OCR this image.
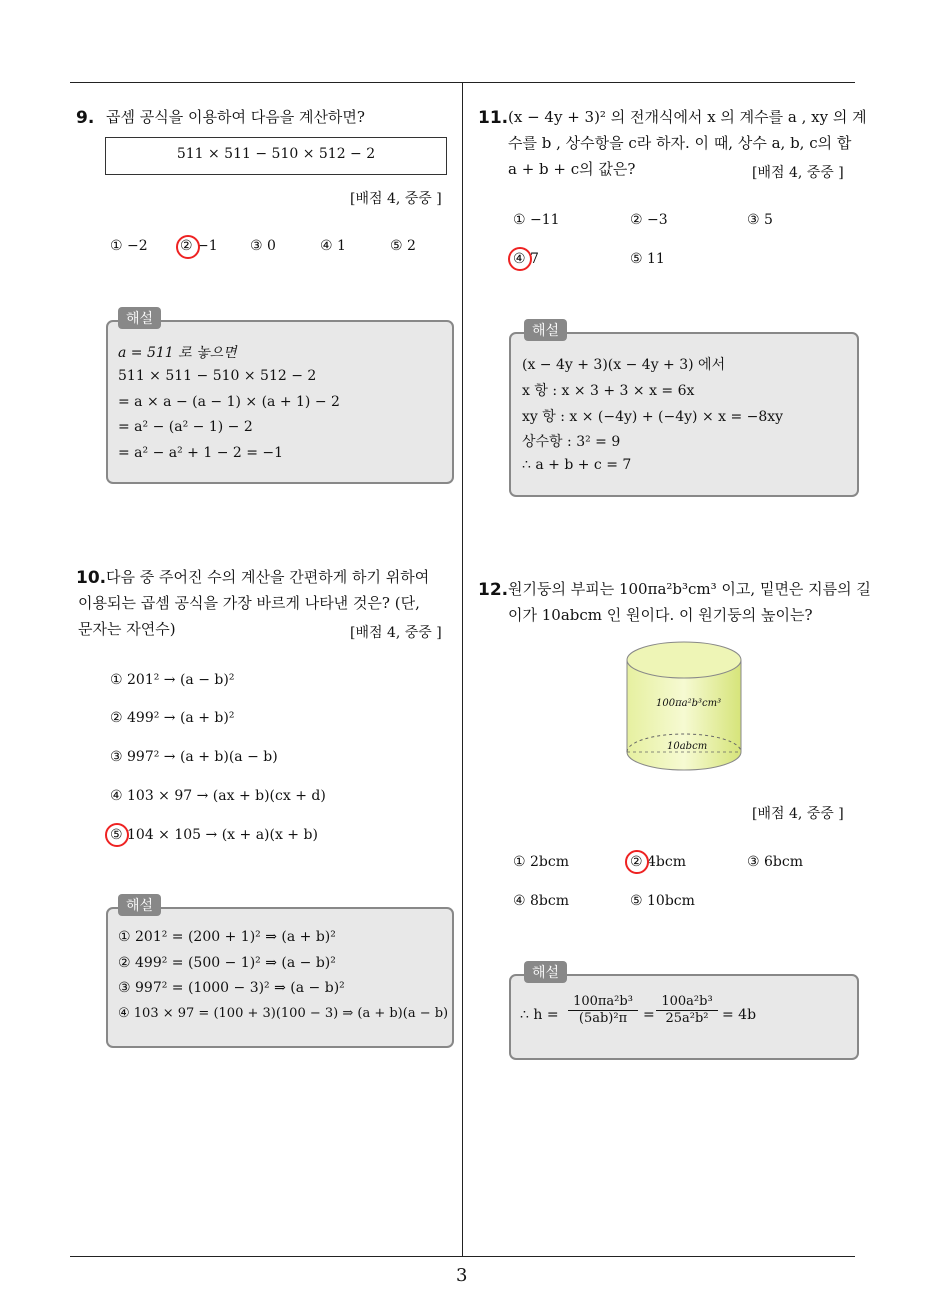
3
9. 곱셈 공식을 이용하여 다음을 계산하면?
511 × 511 − 510 × 512 − 2
[배점 4, 중중 ]
① −2 ② −1 ③ 0	④ 1	⑤ 2
해설
a = 511 로 놓으면
511 × 511 − 510 × 512 − 2
= a × a − (a − 1) × (a + 1) − 2
= a² − (a² − 1) − 2
= a² − a² + 1 − 2 = −1
10. 다음 중 주어진 수의 계산을 간편하게 하기 위하여
이용되는 곱셈 공식을 가장 바르게 나타낸 것은? (단,
문자는 자연수)	[배점 4, 중중 ]
① 201² → (a − b)²
② 499² → (a + b)²
③ 997² → (a + b)(a − b)
④ 103 × 97 → (ax + b)(cx + d)
⑤ 104 × 105 → (x + a)(x + b)
해설
① 201² = (200 + 1)² ⇒ (a + b)²
② 499² = (500 − 1)² ⇒ (a − b)²
③ 997² = (1000 − 3)² ⇒ (a − b)²
④ 103 × 97 = (100 + 3)(100 − 3) ⇒ (a + b)(a − b)
11. (x − 4y + 3)² 의 전개식에서 x 의 계수를 a , xy 의 계
수를 b , 상수항을 c라 하자. 이 때, 상수 a, b, c의 합
a + b + c의 값은?	[배점 4, 중중 ]
① −11	② −3	③ 5
④ 7	⑤ 11
해설
(x − 4y + 3)(x − 4y + 3) 에서
x 항 : x × 3 + 3 × x = 6x
xy 항 : x × (−4y) + (−4y) × x = −8xy
상수항 : 3² = 9
∴ a + b + c = 7
12. 원기둥의 부피는 100πa²b³cm³ 이고, 밑면은 지름의 길
이가 10abcm 인 원이다. 이 원기둥의 높이는?
100πa²b³cm³
10abcm
[배점 4, 중중 ]
① 2bcm	② 4bcm	③ 6bcm
④ 8bcm	⑤ 10bcm
해설
∴ $h = \frac{\text{100πa²b³}}{\text{(5ab)²π}} = \frac{\text{100a²b³}}{\text{25a²b²}} = 4b$
